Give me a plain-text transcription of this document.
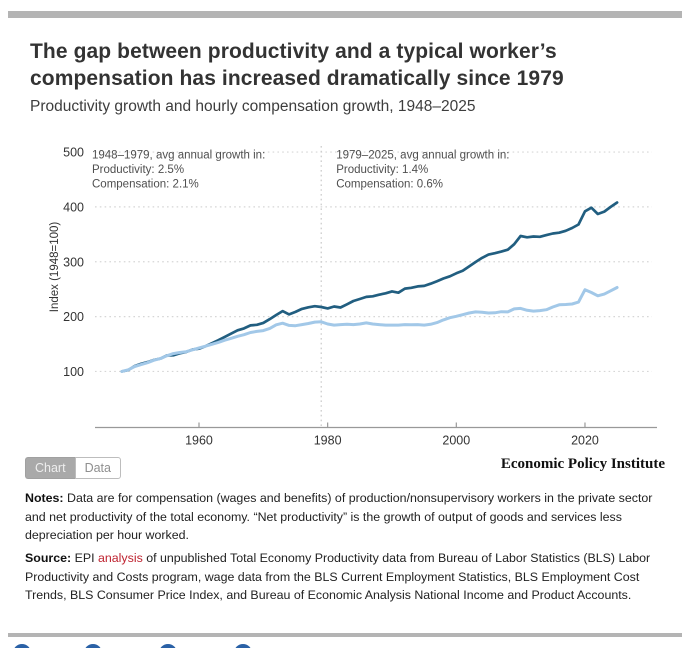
The gap between productivity and a typical worker’s compensation has increased dramatically since 1979
Productivity growth and hourly compensation growth, 1948–2025
100
200
300
400
500
1960	1980	2000	2020
Index (1948=100)
1948–1979, avg annual growth in:
Productivity: 2.5%
Compensation: 2.1%
1979–2025, avg annual growth in:
Productivity: 1.4%
Compensation: 0.6%
Chart	Data	Economic Policy Institute

Notes: Data are for compensation (wages and benefits) of production/nonsupervisory workers in the private sector and net productivity of the total economy. “Net productivity” is the growth of output of goods and services less depreciation per hour worked.

Source: EPI analysis of unpublished Total Economy Productivity data from Bureau of Labor Statistics (BLS) Labor Productivity and Costs program, wage data from the BLS Current Employment Statistics, BLS Employment Cost Trends, BLS Consumer Price Index, and Bureau of Economic Analysis National Income and Product Accounts.
